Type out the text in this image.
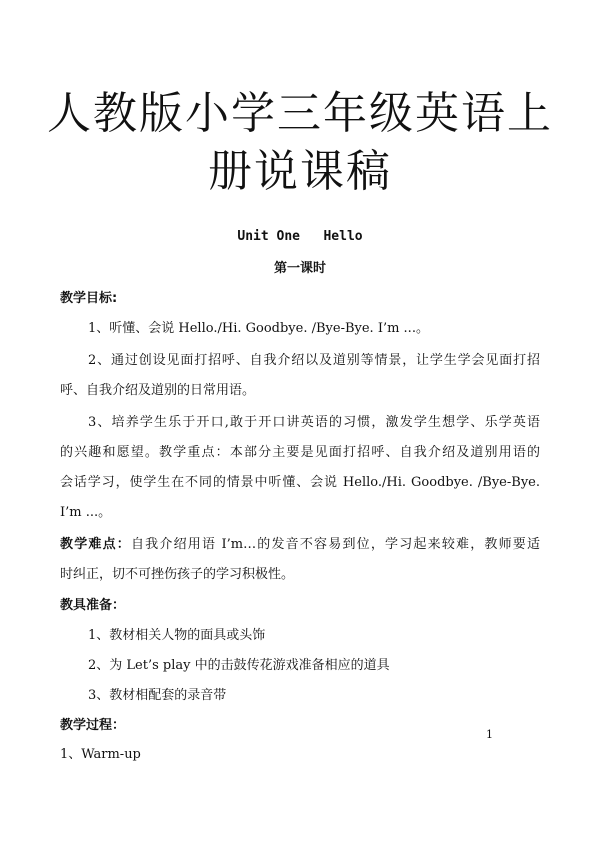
人教版小学三年级英语上
册说课稿
Unit One   Hello
第一课时
教学目标:
1、听懂、会说 Hello./Hi. Goodbye. /Bye-Bye. I’m ...。
2、通过创设见面打招呼、自我介绍以及道别等情景，让学生学会见面打招
呼、自我介绍及道别的日常用语。
3、培养学生乐于开口,敢于开口讲英语的习惯，激发学生想学、乐学英语
的兴趣和愿望。教学重点：本部分主要是见面打招呼、自我介绍及道别用语的
会话学习，使学生在不同的情景中听懂、会说 Hello./Hi. Goodbye. /Bye-Bye.
I’m ...。
教学难点：自我介绍用语 I’m…的发音不容易到位，学习起来较难，教师要适
时纠正，切不可挫伤孩子的学习积极性。
教具准备：
1、教材相关人物的面具或头饰
2、为 Let’s play 中的击鼓传花游戏准备相应的道具
3、教材相配套的录音带
教学过程：
1、Warm-up
1
